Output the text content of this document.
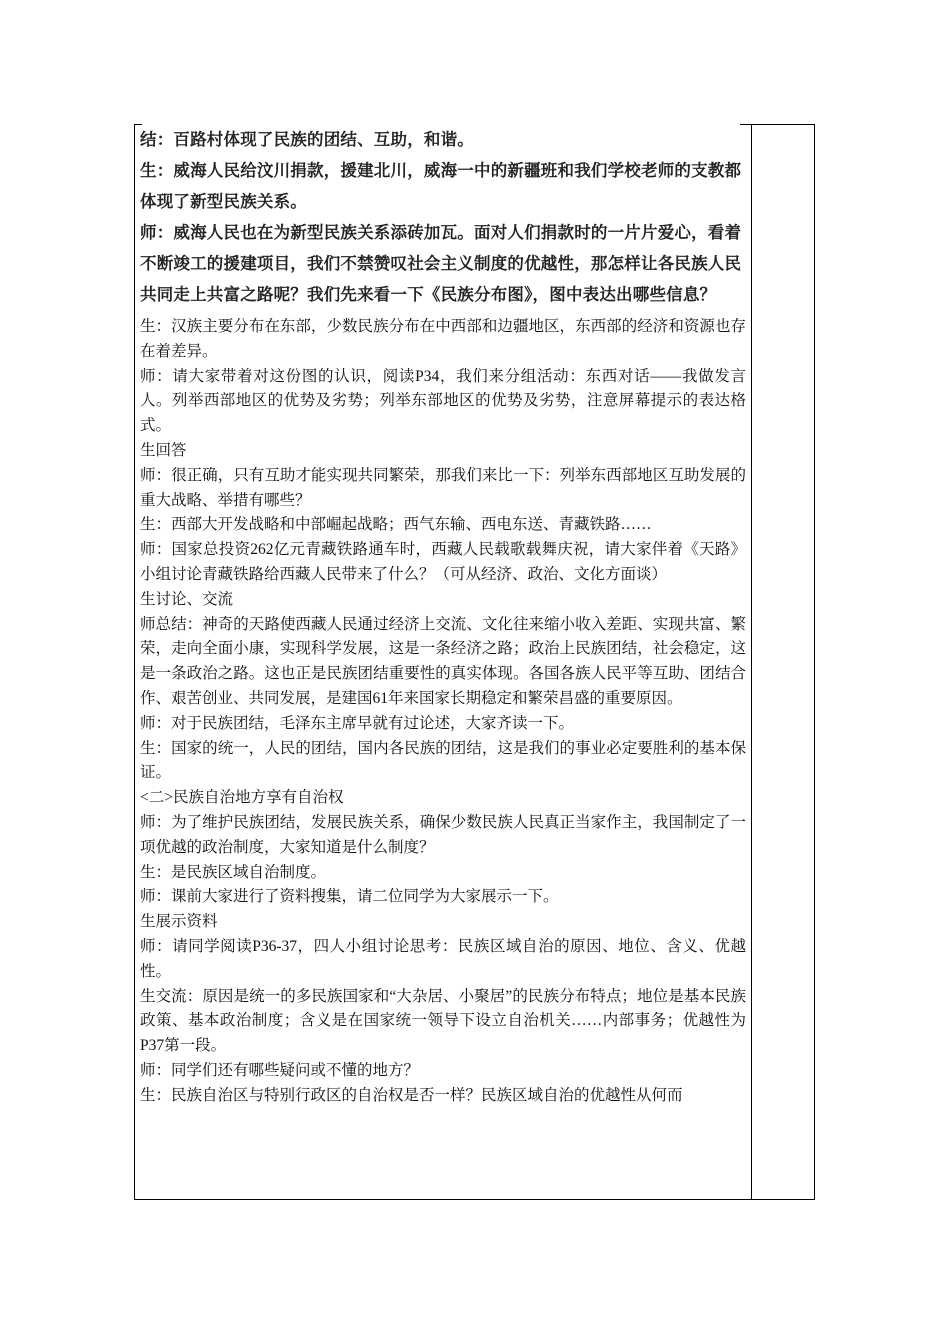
结：百路村体现了民族的团结、互助，和谐。

生：威海人民给汶川捐款，援建北川，威海一中的新疆班和我们学校老师的支教都体现了新型民族关系。

师：威海人民也在为新型民族关系添砖加瓦。面对人们捐款时的一片片爱心，看着不断竣工的援建项目，我们不禁赞叹社会主义制度的优越性，那怎样让各民族人民共同走上共富之路呢？我们先来看一下《民族分布图》，图中表达出哪些信息？

生：汉族主要分布在东部，少数民族分布在中西部和边疆地区，东西部的经济和资源也存在着差异。

师：请大家带着对这份图的认识，阅读P34，我们来分组活动：东西对话——我做发言人。列举西部地区的优势及劣势；列举东部地区的优势及劣势，注意屏幕提示的表达格式。

生回答

师：很正确，只有互助才能实现共同繁荣，那我们来比一下：列举东西部地区互助发展的重大战略、举措有哪些？

生：西部大开发战略和中部崛起战略；西气东输、西电东送、青藏铁路……

师：国家总投资262亿元青藏铁路通车时，西藏人民载歌载舞庆祝，请大家伴着《天路》小组讨论青藏铁路给西藏人民带来了什么？（可从经济、政治、文化方面谈）

生讨论、交流

师总结：神奇的天路使西藏人民通过经济上交流、文化往来缩小收入差距、实现共富、繁荣，走向全面小康，实现科学发展，这是一条经济之路；政治上民族团结，社会稳定，这是一条政治之路。这也正是民族团结重要性的真实体现。各国各族人民平等互助、团结合作、艰苦创业、共同发展，是建国61年来国家长期稳定和繁荣昌盛的重要原因。

师：对于民族团结，毛泽东主席早就有过论述，大家齐读一下。

生：国家的统一，人民的团结，国内各民族的团结，这是我们的事业必定要胜利的基本保证。

<二>民族自治地方享有自治权

师：为了维护民族团结，发展民族关系，确保少数民族人民真正当家作主，我国制定了一项优越的政治制度，大家知道是什么制度？

生：是民族区域自治制度。

师：课前大家进行了资料搜集，请二位同学为大家展示一下。

生展示资料

师：请同学阅读P36-37，四人小组讨论思考：民族区域自治的原因、地位、含义、优越性。

生交流：原因是统一的多民族国家和“大杂居、小聚居”的民族分布特点；地位是基本民族政策、基本政治制度；含义是在国家统一领导下设立自治机关……内部事务；优越性为P37第一段。

师：同学们还有哪些疑问或不懂的地方？

生：民族自治区与特别行政区的自治权是否一样？民族区域自治的优越性从何而
